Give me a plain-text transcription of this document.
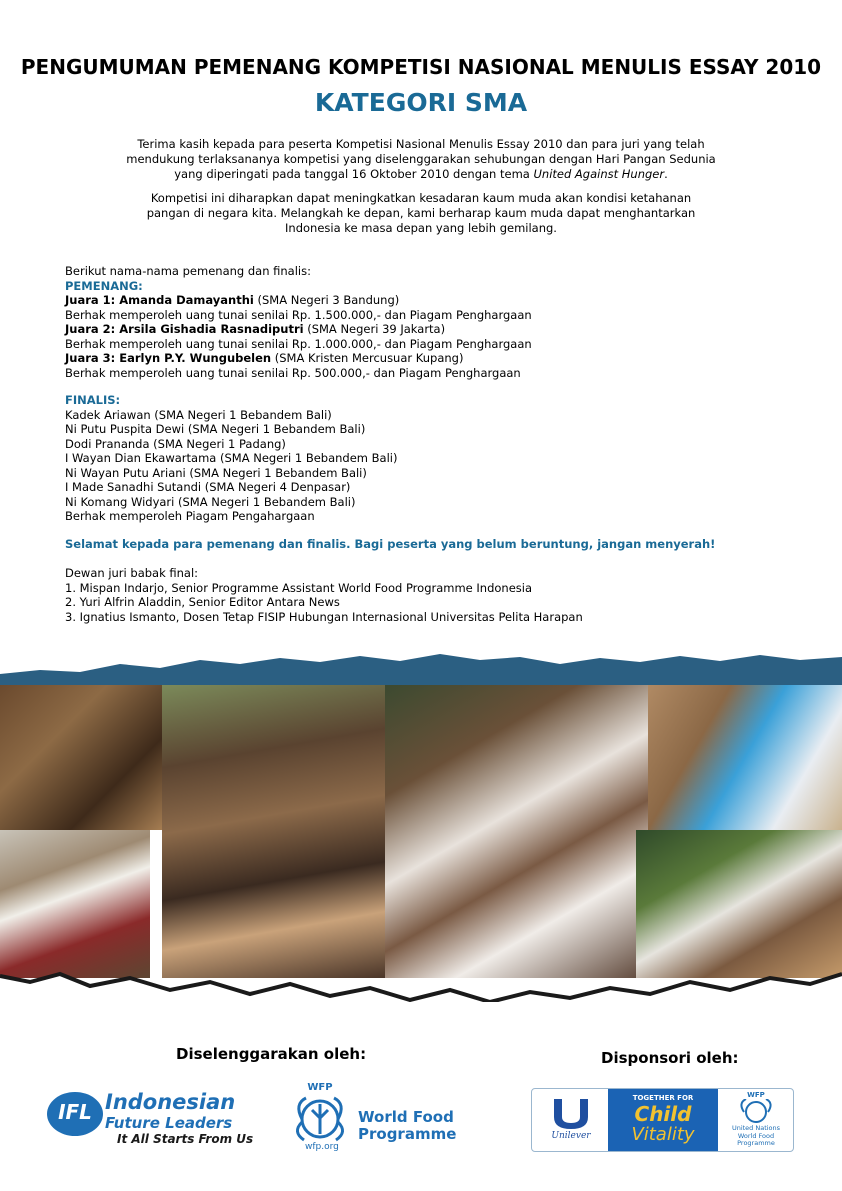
PENGUMUMAN PEMENANG KOMPETISI NASIONAL MENULIS ESSAY 2010
KATEGORI SMA
Terima kasih kepada para peserta Kompetisi Nasional Menulis Essay 2010 dan para juri yang telah
mendukung terlaksananya kompetisi yang diselenggarakan sehubungan dengan Hari Pangan Sedunia
yang diperingati pada tanggal 16 Oktober 2010 dengan tema United Against Hunger.
Kompetisi ini diharapkan dapat meningkatkan kesadaran kaum muda akan kondisi ketahanan
pangan di negara kita. Melangkah ke depan, kami berharap kaum muda dapat menghantarkan
Indonesia ke masa depan yang lebih gemilang.
Berikut nama-nama pemenang dan finalis:
PEMENANG:
Juara 1: Amanda Damayanthi (SMA Negeri 3 Bandung)
Berhak memperoleh uang tunai senilai Rp. 1.500.000,- dan Piagam Penghargaan
Juara 2: Arsila Gishadia Rasnadiputri (SMA Negeri 39 Jakarta)
Berhak memperoleh uang tunai senilai Rp. 1.000.000,- dan Piagam Penghargaan
Juara 3: Earlyn P.Y. Wungubelen (SMA Kristen Mercusuar Kupang)
Berhak memperoleh uang tunai senilai Rp. 500.000,- dan Piagam Penghargaan
FINALIS:
Kadek Ariawan (SMA Negeri 1 Bebandem Bali)
Ni Putu Puspita Dewi (SMA Negeri 1 Bebandem Bali)
Dodi Prananda (SMA Negeri 1 Padang)
I Wayan Dian Ekawartama (SMA Negeri 1 Bebandem Bali)
Ni Wayan Putu Ariani (SMA Negeri 1 Bebandem Bali)
I Made Sanadhi Sutandi (SMA Negeri 4 Denpasar)
Ni Komang Widyari (SMA Negeri 1 Bebandem Bali)
Berhak memperoleh Piagam Pengahargaan
Selamat kepada para pemenang dan finalis. Bagi peserta yang belum beruntung, jangan menyerah!
Dewan juri babak final:
1. Mispan Indarjo, Senior Programme Assistant World Food Programme Indonesia
2. Yuri Alfrin Aladdin, Senior Editor Antara News
3. Ignatius Ismanto, Dosen Tetap FISIP Hubungan Internasional Universitas Pelita Harapan
Diselenggarakan oleh:	Disponsori oleh:
IFL Indonesian
Future Leaders
It All Starts From Us
WFP
wfp.org
World Food
Programme	Unilever
TOGETHER FOR
Child
Vitality
WFP
United Nations
World Food
Programme
